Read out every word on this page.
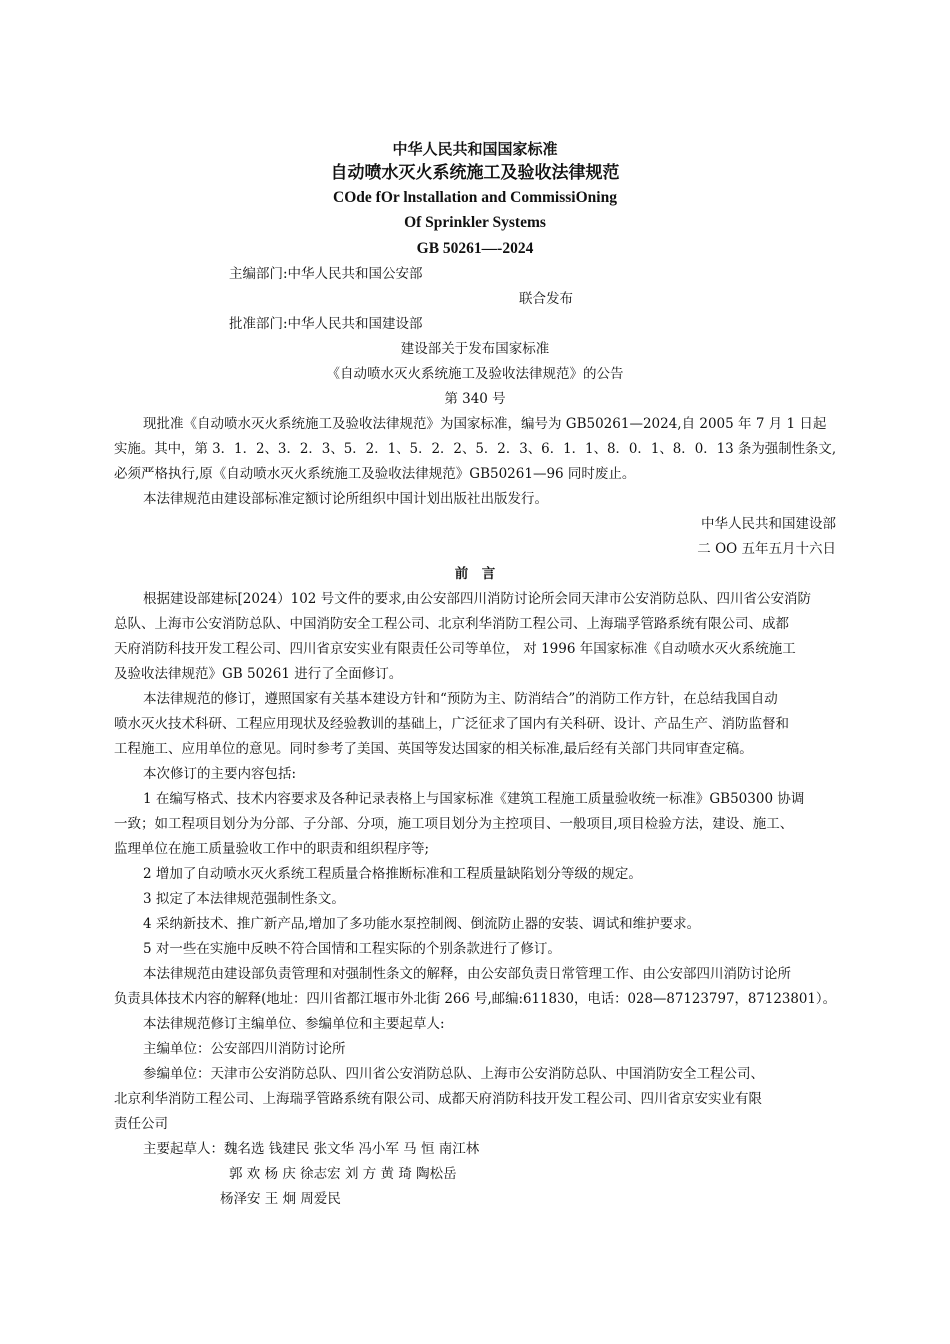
中华人民共和国国家标准
自动喷水灭火系统施工及验收法律规范
COde fOr lnstallation and CommissiOning
Of Sprinkler Systems
GB 50261—-2024
主编部门:中华人民共和国公安部
联合发布
批准部门:中华人民共和国建设部
建设部关于发布国家标准
《自动喷水灭火系统施工及验收法律规范》的公告
第 340 号
现批准《自动喷水灭火系统施工及验收法律规范》为国家标准，编号为 GB50261—2024,自 2005 年 7 月 1 日起
实施。其中，第 3．1．2、3．2．3、5．2．1、5．2．2、5．2．3、6．1．1、8．0．1、8．0．13 条为强制性条文,
必须严格执行,原《自动喷水灭火系统施工及验收法律规范》GB50261—96 同时废止。
本法律规范由建设部标准定额讨论所组织中国计划出版社出版发行。
中华人民共和国建设部
二 OO 五年五月十六日
前　言
根据建设部建标[2024）102 号文件的要求,由公安部四川消防讨论所会同天津市公安消防总队、四川省公安消防
总队、上海市公安消防总队、中国消防安全工程公司、北京利华消防工程公司、上海瑞孚管路系统有限公司、成都
天府消防科技开发工程公司、四川省京安实业有限责任公司等单位， 对 1996 年国家标准《自动喷水灭火系统施工
及验收法律规范》GB 50261 进行了全面修订。
本法律规范的修订，遵照国家有关基本建设方针和“预防为主、防消结合”的消防工作方针，在总结我国自动
喷水灭火技术科研、工程应用现状及经验教训的基础上，广泛征求了国内有关科研、设计、产品生产、消防监督和
工程施工、应用单位的意见。同时参考了美国、英国等发达国家的相关标准,最后经有关部门共同审查定稿。
本次修订的主要内容包括:
1 在编写格式、技术内容要求及各种记录表格上与国家标准《建筑工程施工质量验收统一标准》GB50300 协调
一致；如工程项目划分为分部、子分部、分项，施工项目划分为主控项目、一般项目,项目检验方法，建设、施工、
监理单位在施工质量验收工作中的职责和组织程序等;
2 增加了自动喷水灭火系统工程质量合格推断标准和工程质量缺陷划分等级的规定。
3 拟定了本法律规范强制性条文。
4 采纳新技术、推广新产品,增加了多功能水泵控制阀、倒流防止器的安装、调试和维护要求。
5 对一些在实施中反映不符合国情和工程实际的个别条款进行了修订。
本法律规范由建设部负责管理和对强制性条文的解释，由公安部负责日常管理工作、由公安部四川消防讨论所
负责具体技术内容的解释(地址：四川省都江堰市外北街 266 号,邮编:611830，电话：028—87123797，87123801）。
本法律规范修订主编单位、参编单位和主要起草人:
主编单位：公安部四川消防讨论所
参编单位：天津市公安消防总队、四川省公安消防总队、上海市公安消防总队、中国消防安全工程公司、
北京利华消防工程公司、上海瑞孚管路系统有限公司、成都天府消防科技开发工程公司、四川省京安实业有限
责任公司
主要起草人：魏名选 钱建民 张文华 冯小军 马 恒 南江林
郭 欢 杨 庆 徐志宏 刘 方 黄 琦 陶松岳
杨泽安 王 炯 周爱民
